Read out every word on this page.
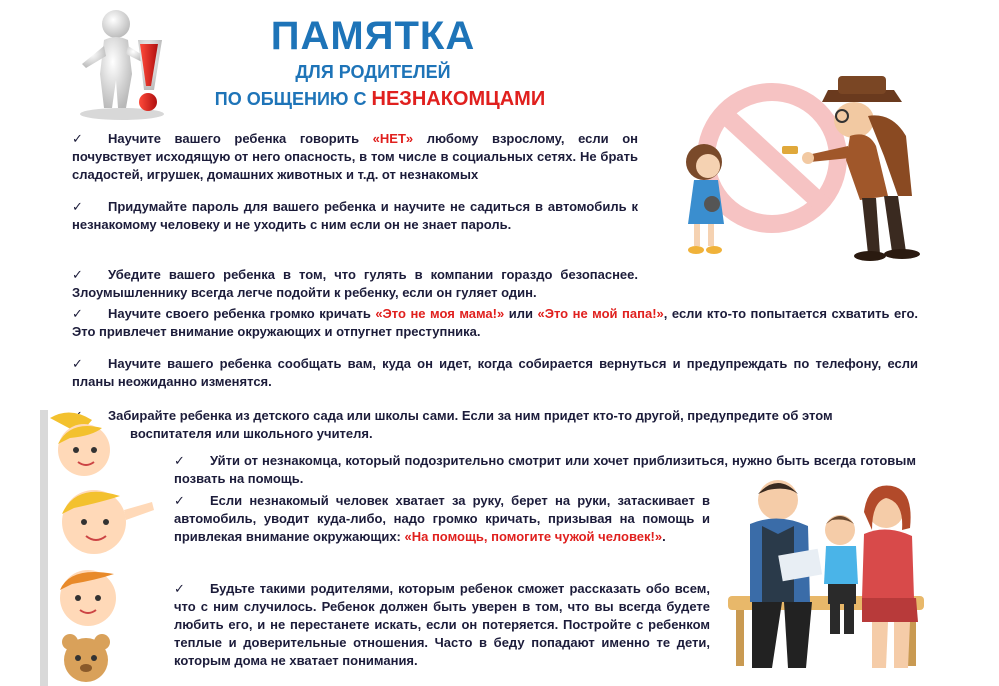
ПАМЯТКА
ДЛЯ РОДИТЕЛЕЙ
ПО ОБЩЕНИЮ С НЕЗНАКОМЦАМИ
✓ Научите вашего ребенка говорить «НЕТ» любому взрослому, если он почувствует исходящую от него опасность, в том числе в социальных сетях. Не брать сладостей, игрушек, домашних животных и т.д. от незнакомых
✓ Придумайте пароль для вашего ребенка и научите не садиться в автомобиль к незнакомому человеку и не уходить с ним если он не знает пароль.
✓ Убедите вашего ребенка в том, что гулять в компании гораздо безопаснее. Злоумышленнику всегда легче подойти к ребенку, если он гуляет один.
✓ Научите своего ребенка громко кричать «Это не моя мама!» или «Это не мой папа!», если кто-то попытается схватить его. Это привлечет внимание окружающих и отпугнет преступника.
✓ Научите вашего ребенка сообщать вам, куда он идет, когда собирается вернуться и предупреждать по телефону, если планы неожиданно изменятся.
Забирайте ребенка из детского сада или школы сами. Если за ним придет кто-то другой, предупредите об этом
воспитателя или школьного учителя.
✓ Уйти от незнакомца, который подозрительно смотрит или хочет приблизиться, нужно быть всегда готовым позвать на помощь.
✓ Если незнакомый человек хватает за руку, берет на руки, затаскивает в автомобиль, уводит куда-либо, надо громко кричать, призывая на помощь и привлекая внимание окружающих: «На помощь, помогите чужой человек!».
✓ Будьте такими родителями, которым ребенок сможет рассказать обо всем, что с ним случилось. Ребенок должен быть уверен в том, что вы всегда будете любить его, и не перестанете искать, если он потеряется. Постройте с ребенком теплые и доверительные отношения. Часто в беду попадают именно те дети, которым дома не хватает понимания.
